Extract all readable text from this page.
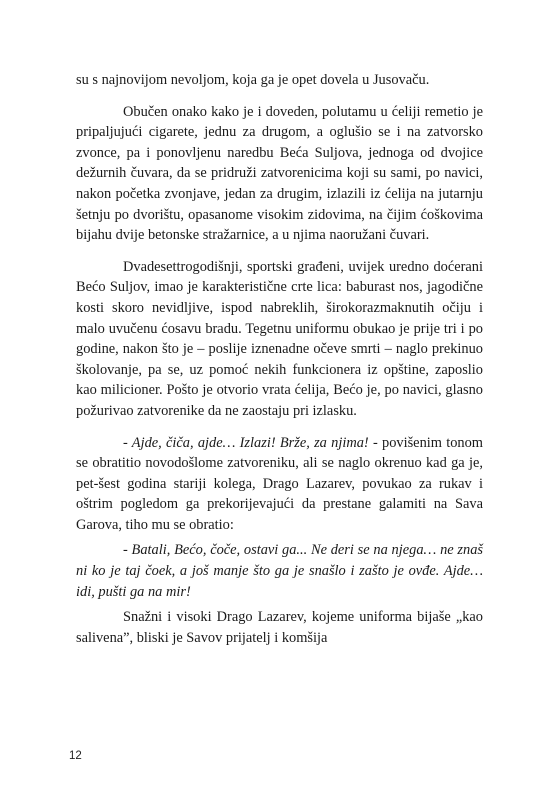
su s najnovijom nevoljom, koja ga je opet dovela u Jusovaču.

Obučen onako kako je i doveden, polutamu u ćeliji remetio je pripaljujući cigarete, jednu za drugom, a oglušio se i na zatvorsko zvonce, pa i ponovljenu naredbu Beća Suljova, jednoga od dvojice dežurnih čuvara, da se pridruži zatvorenicima koji su sami, po navici, nakon početka zvonjave, jedan za drugim, izlazili iz ćelija na jutarnju šetnju po dvorištu, opasanome visokim zidovima, na čijim ćoškovima bijahu dvije betonske stražarnice, a u njima naoružani čuvari.

Dvadesettrogodišnji, sportski građeni, uvijek uredno doćerani Bećo Suljov, imao je karakteristične crte lica: baburast nos, jagodične kosti skoro nevidljive, ispod nabreklih, širokorazmaknutih očiju i malo uvučenu ćosavu bradu. Tegetnu uniformu obukao je prije tri i po godine, nakon što je – poslije iznenadne očeve smrti – naglo prekinuo školovanje, pa se, uz pomoć nekih funkcionera iz opštine, zaposlio kao milicioner. Pošto je otvorio vrata ćelija, Bećo je, po navici, glasno požurivao zatvorenike da ne zaostaju pri izlasku.

- Ajde, čiča, ajde… Izlazi! Brže, za njima! - povišenim tonom se obratitio novodošlome zatvoreniku, ali se naglo okrenuo kad ga je, pet-šest godina stariji kolega, Drago Lazarev, povukao za rukav i oštrim pogledom ga prekorijevajući da prestane galamiti na Sava Garova, tiho mu se obratio:

- Batali, Bećo, čoče, ostavi ga... Ne deri se na njega… ne znaš ni ko je taj čoek, a još manje što ga je snašlo i zašto je ovđe. Ajde… idi, pušti ga na mir!

Snažni i visoki Drago Lazarev, kojeme uniforma bijaše „kao salivena”, bliski je Savov prijatelj i komšija

12
